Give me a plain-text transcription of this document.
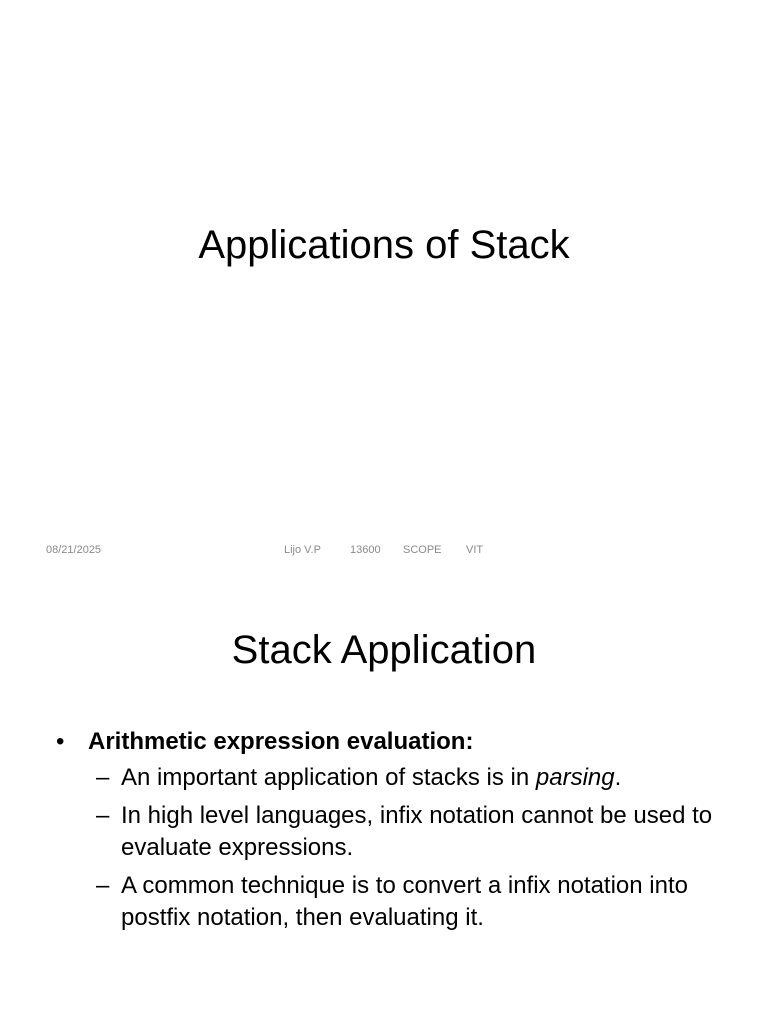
Applications of Stack
08/21/2025	Lijo V.P	13600	SCOPE	VIT
Stack Application
• Arithmetic expression evaluation:
– An important application of stacks is in parsing.
– In high level languages, infix notation cannot be used to evaluate expressions.
– A common technique is to convert a infix notation into postfix notation, then evaluating it.
